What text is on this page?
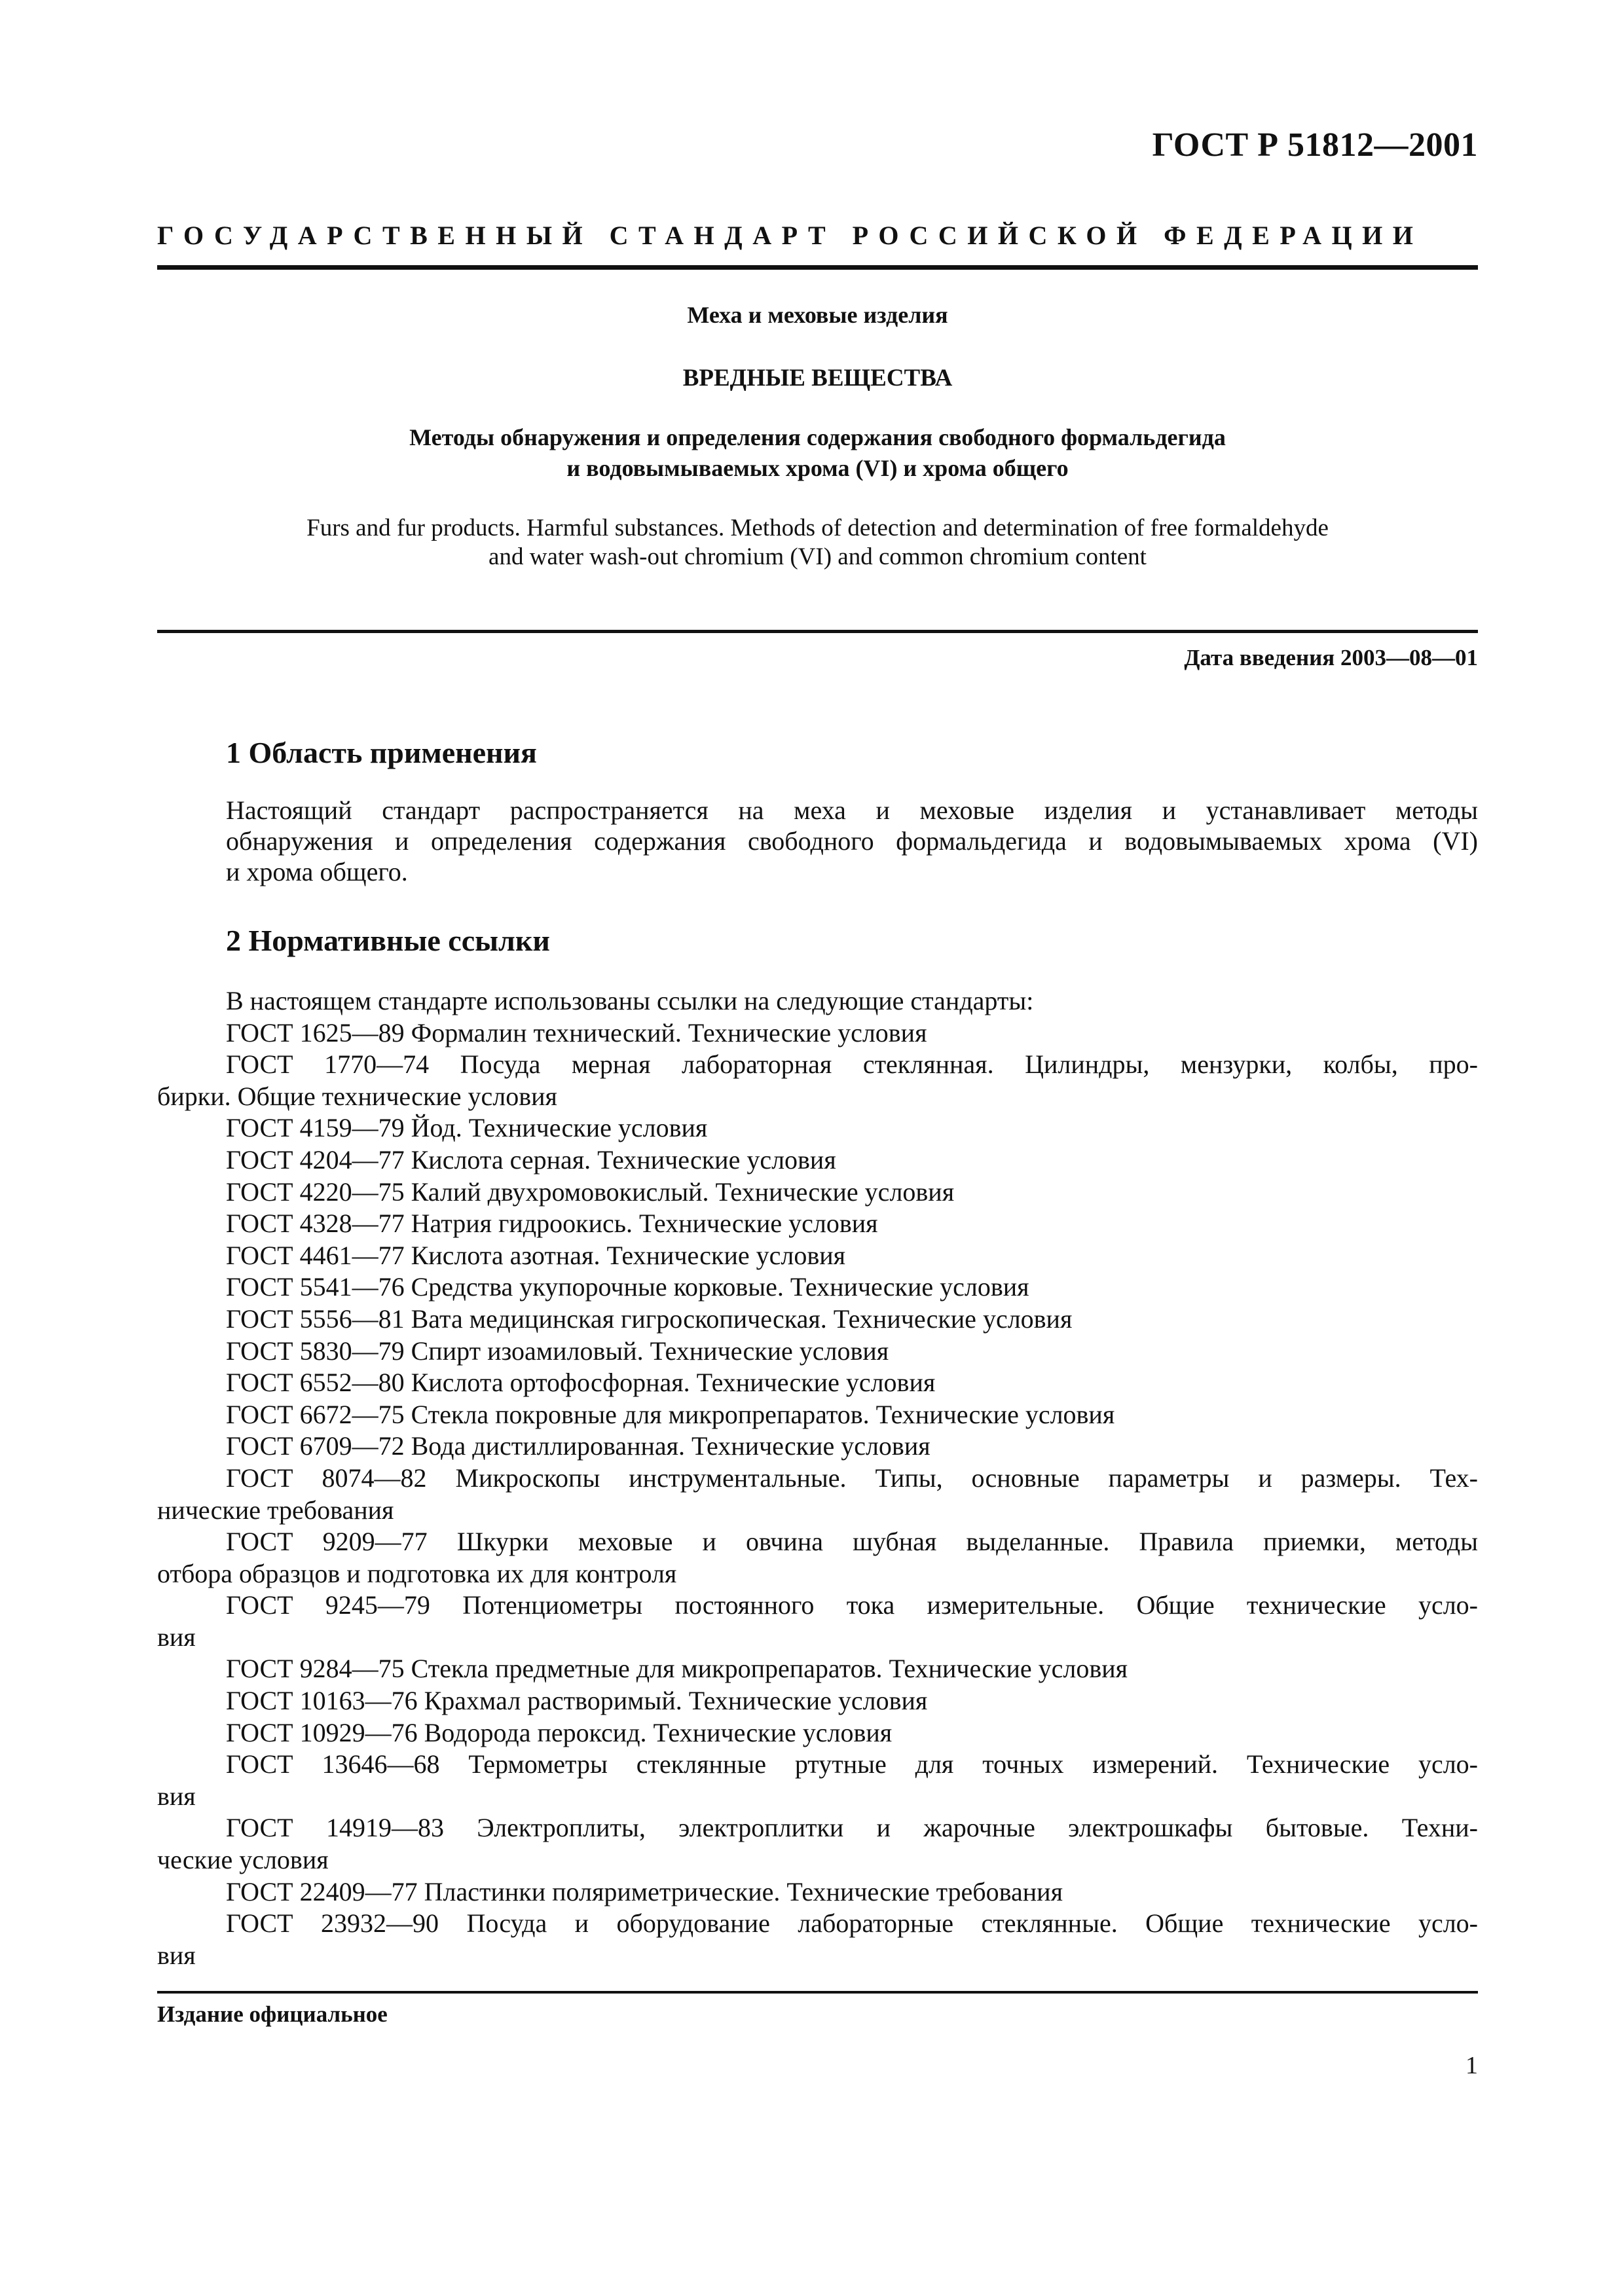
ГОСТ Р 51812—2001
ГОСУДАРСТВЕННЫЙ СТАНДАРТ РОССИЙСКОЙ ФЕДЕРАЦИИ
Меха и меховые изделия
ВРЕДНЫЕ ВЕЩЕСТВА
Методы обнаружения и определения содержания свободного формальдегида
и водовымываемых хрома (VI) и хрома общего
Furs and fur products. Harmful substances. Methods of detection and determination of free formaldehyde
and water wash-out chromium (VI) and common chromium content
Дата введения 2003—08—01
1 Область применения
Настоящий стандарт распространяется на меха и меховые изделия и устанавливает методы
обнаружения и определения содержания свободного формальдегида и водовымываемых хрома (VI)
и хрома общего.
2 Нормативные ссылки
В настоящем стандарте использованы ссылки на следующие стандарты:
ГОСТ 1625—89 Формалин технический. Технические условия
ГОСТ 1770—74 Посуда мерная лабораторная стеклянная. Цилиндры, мензурки, колбы, про-
бирки. Общие технические условия
ГОСТ 4159—79 Йод. Технические условия
ГОСТ 4204—77 Кислота серная. Технические условия
ГОСТ 4220—75 Калий двухромовокислый. Технические условия
ГОСТ 4328—77 Натрия гидроокись. Технические условия
ГОСТ 4461—77 Кислота азотная. Технические условия
ГОСТ 5541—76 Средства укупорочные корковые. Технические условия
ГОСТ 5556—81 Вата медицинская гигроскопическая. Технические условия
ГОСТ 5830—79 Спирт изоамиловый. Технические условия
ГОСТ 6552—80 Кислота ортофосфорная. Технические условия
ГОСТ 6672—75 Стекла покровные для микропрепаратов. Технические условия
ГОСТ 6709—72 Вода дистиллированная. Технические условия
ГОСТ 8074—82 Микроскопы инструментальные. Типы, основные параметры и размеры. Тех-
нические требования
ГОСТ 9209—77 Шкурки меховые и овчина шубная выделанные. Правила приемки, методы
отбора образцов и подготовка их для контроля
ГОСТ 9245—79 Потенциометры постоянного тока измерительные. Общие технические усло-
вия
ГОСТ 9284—75 Стекла предметные для микропрепаратов. Технические условия
ГОСТ 10163—76 Крахмал растворимый. Технические условия
ГОСТ 10929—76 Водорода пероксид. Технические условия
ГОСТ 13646—68 Термометры стеклянные ртутные для точных измерений. Технические усло-
вия
ГОСТ 14919—83 Электроплиты, электроплитки и жарочные электрошкафы бытовые. Техни-
ческие условия
ГОСТ 22409—77 Пластинки поляриметрические. Технические требования
ГОСТ 23932—90 Посуда и оборудование лабораторные стеклянные. Общие технические усло-
вия
Издание официальное
1
